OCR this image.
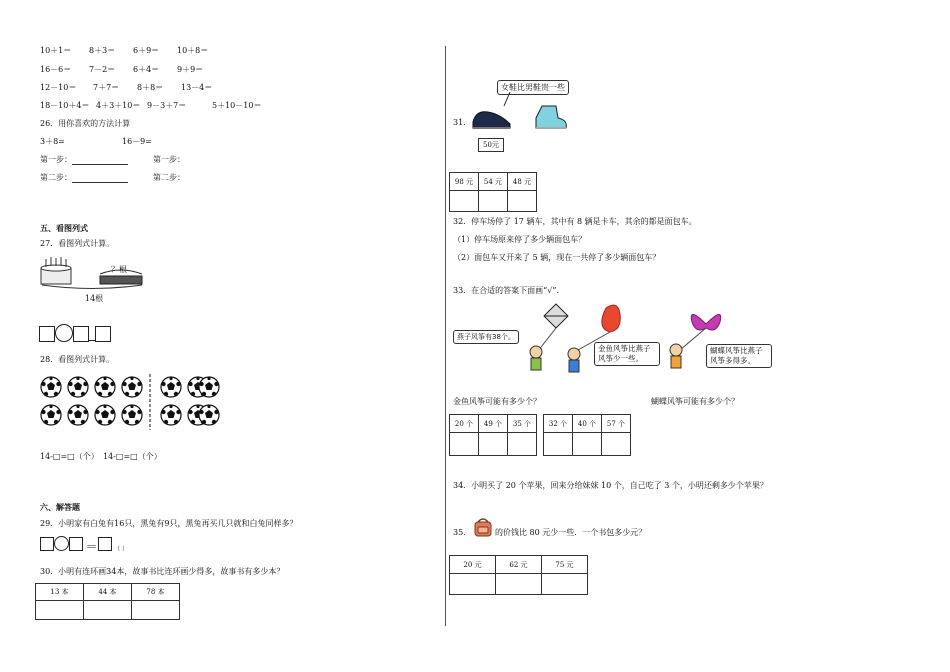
10＋1＝ 8＋3＝ 6＋9＝ 10＋8＝
16－6＝ 7－2＝ 6＋4＝ 9＋9＝
12－10＝ 7＋7＝ 8＋8＝ 13－4＝
18－10＋4＝ 4＋3＋10＝ 9－3＋7＝	5＋10－10＝
26．用你喜欢的方法计算
3＋8=	16－9=
第一步：	第一步：
第二步：	第二步：
五、看图列式
27．看图列式计算。
？根
14根
28．看图列式计算。
14-□=□（个） 14-□=□（个）
六、解答题
29．小明家有白兔有16只，黑兔有9只，黑兔再买几只就和白兔同样多？
＝	（ ）
30．小明有连环画34本，故事书比连环画少得多，故事书有多少本？
13 本	44 本	78 本

31.
女鞋比男鞋贵一些
50元
98 元	54 元	48 元

32．停车场停了 17 辆车，其中有 8 辆是卡车，其余的都是面包车。
（1）停车场原来停了多少辆面包车？
（2）面包车又开来了 5 辆，现在一共停了多少辆面包车？
33．在合适的答案下面画“√”．
燕子风筝有38个。
金鱼风筝比燕子风筝少一些。
蝴蝶风筝比燕子风筝多得多。
金鱼风筝可能有多少个？	蝴蝶风筝可能有多少个？
20 个	49 个	35 个
			32 个	40 个	57 个

34．小明买了 20 个苹果，回来分给妹妹 10 个，自己吃了 3 个，小明还剩多少个苹果？
35．	的价钱比 80 元少一些．一个书包多少元？
20 元	62 元	75 元
